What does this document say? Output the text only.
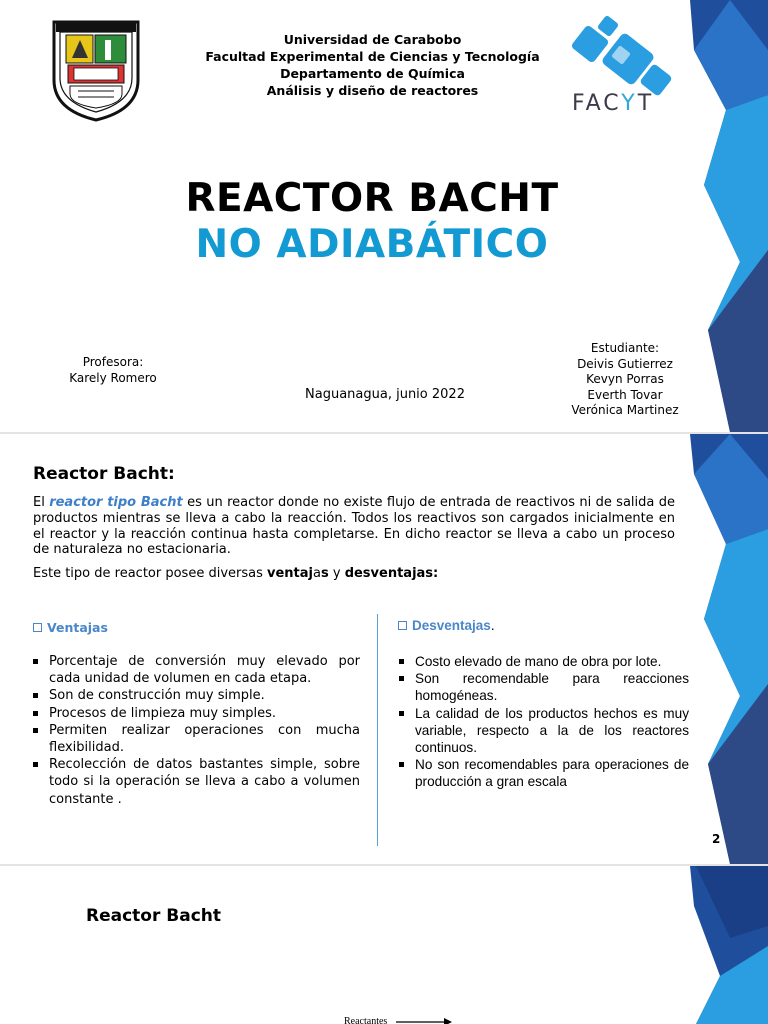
Universidad de Carabobo
Facultad Experimental de Ciencias y Tecnología
Departamento de Química
Análisis y diseño de reactores
FACYT
REACTOR BACHT
NO ADIABÁTICO
Profesora:
Karely Romero
Naguanagua, junio 2022
Estudiante:
Deivis Gutierrez
Kevyn Porras
Everth Tovar
Verónica Martinez
Reactor Bacht:

El reactor tipo Bacht es un reactor donde no existe flujo de entrada de reactivos ni de salida de productos mientras se lleva a cabo la reacción. Todos los reactivos son cargados inicialmente en el reactor y la reacción continua hasta completarse. En dicho reactor se lleva a cabo un proceso de naturaleza no estacionaria.

Este tipo de reactor posee diversas ventajas y desventajas:

Ventajas	Desventajas.
Porcentaje de conversión muy elevado por cada unidad de volumen en cada etapa.
Son de construcción muy simple.
Procesos de limpieza muy simples.
Permiten realizar operaciones con mucha flexibilidad.
Recolección de datos bastantes simple, sobre todo si la operación se lleva a cabo a volumen constante .
Costo elevado de mano de obra por lote.
Son recomendable para reacciones homogéneas.
La calidad de los productos hechos es muy variable, respecto a la de los reactores continuos.
No son recomendables para operaciones de producción a gran escala
2
Reactor Bacht
Reactantes
